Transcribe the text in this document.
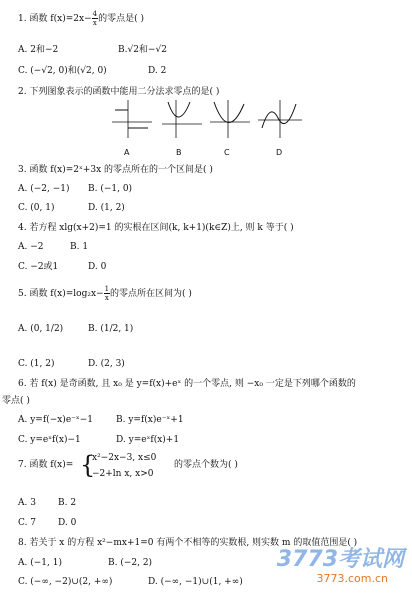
1. 函数 $f(x)=2x- \frac{4}{x}$ 的零点是( )
A. 2和−2	B.√2和−√2
C. (−√2, 0)和(√2, 0)	D. 2
2. 下列图象表示的函数中能用二分法求零点的是( )
A	B	C	D
3. 函数 f(x)=2ˣ+3x 的零点所在的一个区间是( )
A. (−2, −1) B. (−1, 0)
C. (0, 1)	D. (1, 2)
4. 若方程 xlg(x+2)=1 的实根在区间(k, k+1)(k∈Z)上, 则 k 等于( )
A. −2	B. 1
C. −2或1	D. 0
5. 函数 $f(x)=\log_2x- \frac{1}{x}$ 的零点所在区间为( )
A. (0, 1/2)	B. (1/2, 1)
C. (1, 2)	D. (2, 3)
6. 若 f(x) 是奇函数, 且 x₀ 是 y=f(x)+eˣ 的一个零点, 则 −x₀ 一定是下列哪个函数的
零点( )
A. y=f(−x)e⁻ˣ−1	B. y=f(x)e⁻ˣ+1
C. y=eˣf(x)−1	D. y=eˣf(x)+1
7. 函数 f(x)= {
x²−2x−3, x≤0
−2+ln x, x>0
的零点个数为( )
A. 3 B. 2
C. 7 D. 0
8. 若关于 x 的方程 x²−mx+1=0 有两个不相等的实数根, 则实数 m 的取值范围是( )
A. (−1, 1)	B. (−2, 2)
C. (−∞, −2)∪(2, +∞)	D. (−∞, −1)∪(1, +∞)
3773考试网
3773.com.cn
